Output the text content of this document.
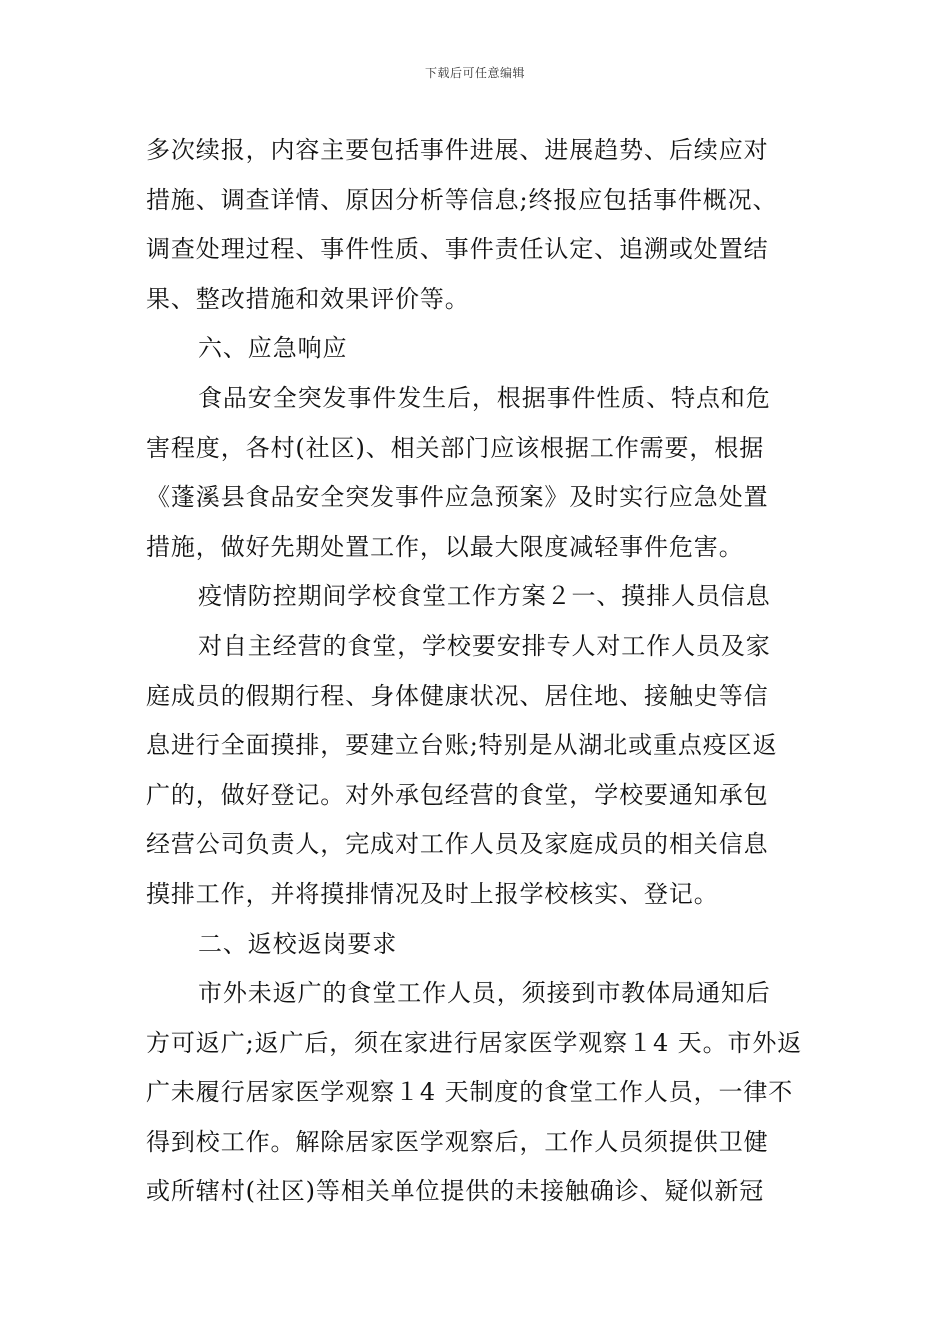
下载后可任意编辑
多次续报，内容主要包括事件进展、进展趋势、后续应对
措施、调查详情、原因分析等信息;终报应包括事件概况、
调查处理过程、事件性质、事件责任认定、追溯或处置结
果、整改措施和效果评价等。
六、应急响应
食品安全突发事件发生后，根据事件性质、特点和危
害程度，各村(社区)、相关部门应该根据工作需要，根据
《蓬溪县食品安全突发事件应急预案》及时实行应急处置
措施，做好先期处置工作，以最大限度减轻事件危害。
疫情防控期间学校食堂工作方案２一、摸排人员信息
对自主经营的食堂，学校要安排专人对工作人员及家
庭成员的假期行程、身体健康状况、居住地、接触史等信
息进行全面摸排，要建立台账;特别是从湖北或重点疫区返
广的，做好登记。对外承包经营的食堂，学校要通知承包
经营公司负责人，完成对工作人员及家庭成员的相关信息
摸排工作，并将摸排情况及时上报学校核实、登记。
二、返校返岗要求
市外未返广的食堂工作人员，须接到市教体局通知后
方可返广;返广后，须在家进行居家医学观察１4 天。市外返
广未履行居家医学观察１4 天制度的食堂工作人员，一律不
得到校工作。解除居家医学观察后，工作人员须提供卫健
或所辖村(社区)等相关单位提供的未接触确诊、疑似新冠
